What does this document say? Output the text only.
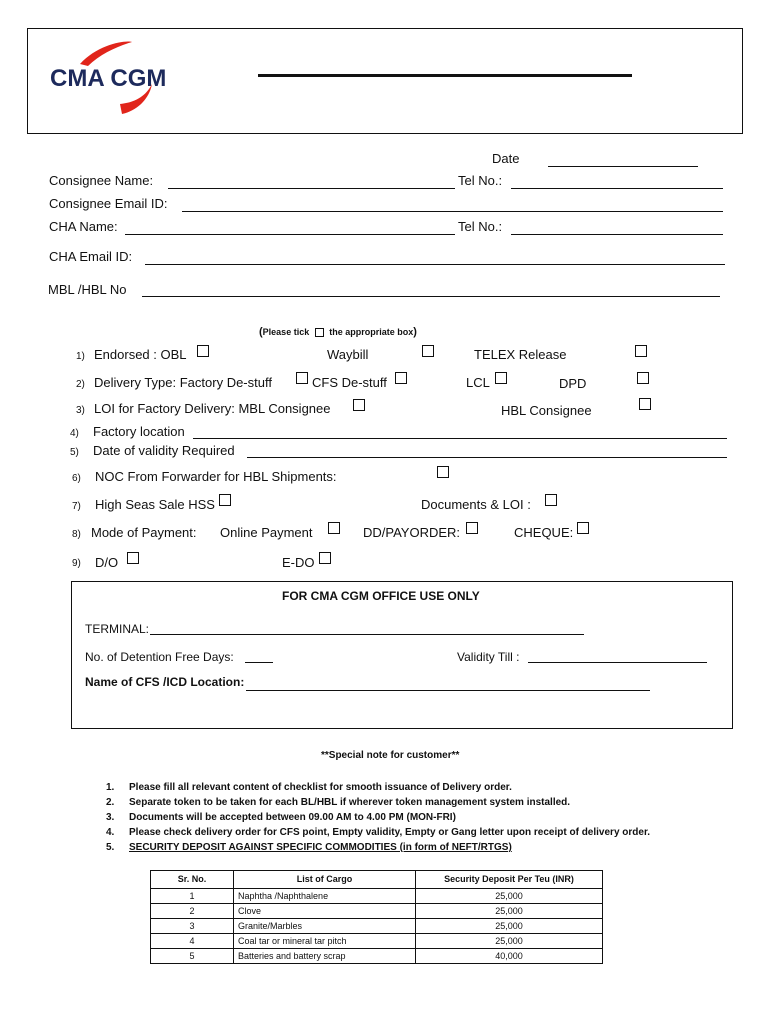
CMA CGM
Date
Consignee Name:	Tel No.:
Consignee Email ID:
CHA Name:	Tel No.:
CHA Email ID:
MBL /HBL No
(Please tick the appropriate box)
1) Endorsed : OBL	Waybill	TELEX Release
2) Delivery Type: Factory De-stuff	CFS De-stuff	LCL	DPD
3) LOI for Factory Delivery: MBL Consignee	HBL Consignee
4) Factory location
5) Date of validity Required
6) NOC From Forwarder for HBL Shipments:
7) High Seas Sale HSS	Documents & LOI :
8) Mode of Payment: Online Payment	DD/PAYORDER:	CHEQUE:
9) D/O	E-DO
FOR CMA CGM OFFICE USE ONLY
TERMINAL:
No. of Detention Free Days:	Validity Till :
Name of CFS /ICD Location:
**Special note for customer**
1. Please fill all relevant content of checklist for smooth issuance of Delivery order.
2. Separate token to be taken for each BL/HBL if wherever token management system installed.
3. Documents will be accepted between 09.00 AM to 4.00 PM (MON-FRI)
4. Please check delivery order for CFS point, Empty validity, Empty or Gang letter upon receipt of delivery order.
5. SECURITY DEPOSIT AGAINST SPECIFIC COMMODITIES (in form of NEFT/RTGS)
Sr. No.	List of Cargo	Security Deposit Per Teu (INR)
1	Naphtha /Naphthalene	25,000
2	Clove	25,000
3	Granite/Marbles	25,000
4	Coal tar or mineral tar pitch	25,000
5	Batteries and battery scrap	40,000
